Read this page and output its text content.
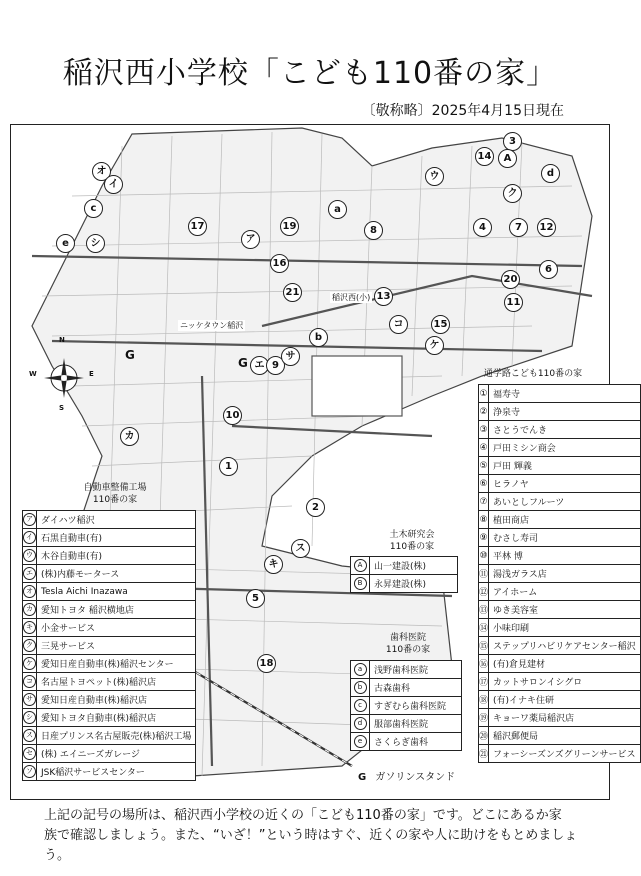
稲沢西小学校「こども110番の家」
〔敬称略〕2025年4月15日現在
N
S
W	E
ニッケタウン稲沢
稲沢西(小)
3
14	A
d
オ
イ
ウ
ク
c	a
e	シ
17
ア
19	8	4	7	12
16
6
20
21	13
11
コ	15
b
ケ
エ 9
サ
10
カ
1
2
ス
キ
5
18
G
G
自動車整備工場
110番の家
ア	ダイハツ稲沢
イ	石黒自動車(有)
ウ	木谷自動車(有)
エ	(株)内藤モータース
オ	Tesla Aichi Inazawa
カ	愛知トヨタ 稲沢横地店
キ	小金サービス
ク	三晃サービス
ケ	愛知日産自動車(株)稲沢センター
コ	名古屋トヨペット(株)稲沢店
サ	愛知日産自動車(株)稲沢店
シ	愛知トヨタ自動車(株)稲沢店
ス	日産プリンス名古屋販売(株)稲沢工場
セ	(株) エイニーズガレージ
ソ	JSK稲沢サービスセンター
土木研究会
110番の家
A	山一建設(株)
B	永昇建設(株)
歯科医院
110番の家
a	浅野歯科医院
b	古森歯科
c	すぎむら歯科医院
d	服部歯科医院
e	さくらぎ歯科
通学路こども110番の家
①	福寿寺
②	浄泉寺
③	さとうでんき
④	戸田ミシン商会
⑤	戸田 輝義
⑥	ヒラノヤ
⑦	あいとしフルーツ
⑧	植田商店
⑨	むさし寿司
⑩	平林 博
⑪	湯浅ガラス店
⑫	アイホーム
⑬	ゆき美容室
⑭	小味印刷
⑮	ステップリハビリケアセンター稲沢
⑯	(有)倉見建材
⑰	カットサロンイシグロ
⑱	(有)イナキ住研
⑲	キョーワ薬局稲沢店
⑳	稲沢郵便局
㉑	フォーシーズンズグリーンサービス
G ガソリンスタンド
上記の記号の場所は、稲沢西小学校の近くの「こども110番の家」です。どこにあるか家
族で確認しましょう。また、“いざ！”という時はすぐ、近くの家や人に助けをもとめましょう。
